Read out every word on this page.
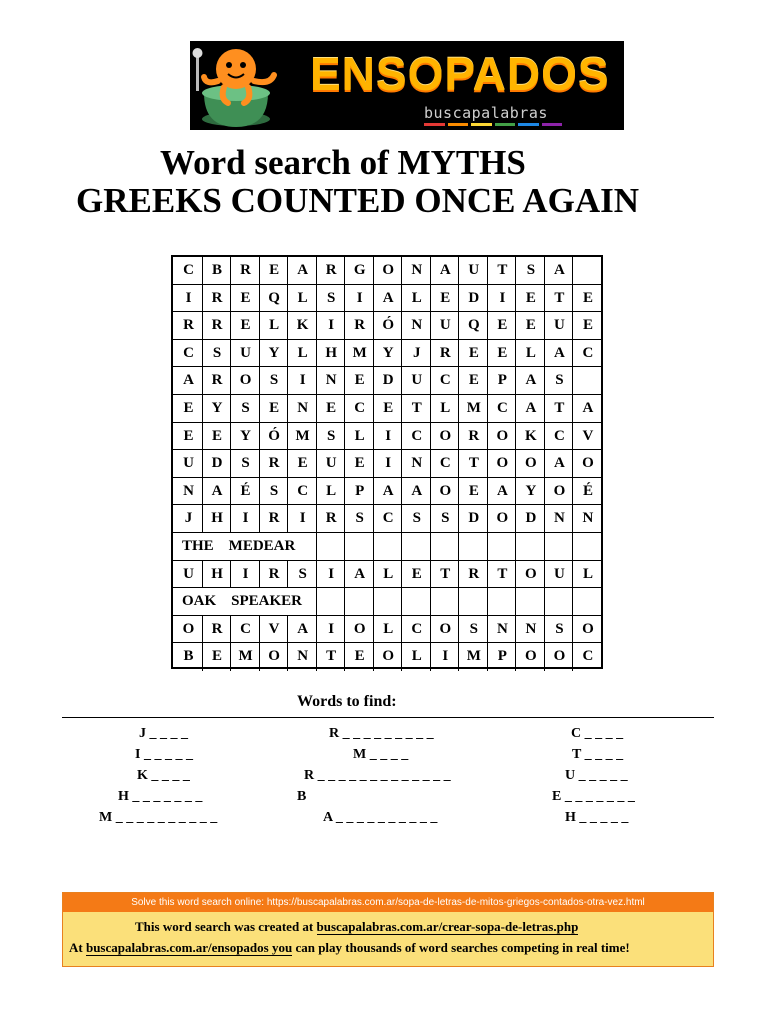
ENSOPADOS
buscapalabras
Word search of MYTHS
GREEKS COUNTED ONCE AGAIN
C	B	R	E	A	R	G	O	N	A	U	T	S	A
I	R	E	Q	L	S	I	A	L	E	D	I	E	T	E
R	R	E	L	K	I	R	Ó	N	U	Q	E	E	U	E
C	S	U	Y	L	H	M	Y	J	R	E	E	L	A	C
A	R	O	S	I	N	E	D	U	C	E	P	A	S
E	Y	S	E	N	E	C	E	T	L	M	C	A	T	A
E	E	Y	Ó	M	S	L	I	C	O	R	O	K	C	V
U	D	S	R	E	U	E	I	N	C	T	O	O	A	O
N	A	É	S	C	L	P	A	A	O	E	A	Y	O	É
J	H	I	R	I	R	S	C	S	S	D	O	D	N	N
THE    MEDEAR
U	H	I	R	S	I	A	L	E	T	R	T	O	U	L
OAK    SPEAKER
O	R	C	V	A	I	O	L	C	O	S	N	N	S	O
B	E	M	O	N	T	E	O	L	I	M	P	O	O	C
Words to find:
J _ _ _ _
I _ _ _ _ _
K _ _ _ _
H _ _ _ _ _ _ _
M _ _ _ _ _ _ _ _ _ _
R _ _ _ _ _ _ _ _ _
M _ _ _ _
R _ _ _ _ _ _ _ _ _ _ _ _ _
B
A _ _ _ _ _ _ _ _ _ _
C _ _ _ _
T _ _ _ _
U _ _ _ _ _
E _ _ _ _ _ _ _
H _ _ _ _ _
Solve this word search online: https://buscapalabras.com.ar/sopa-de-letras-de-mitos-griegos-contados-otra-vez.html
This word search was created at buscapalabras.com.ar/crear-sopa-de-letras.php
At buscapalabras.com.ar/ensopados you can play thousands of word searches competing in real time!
